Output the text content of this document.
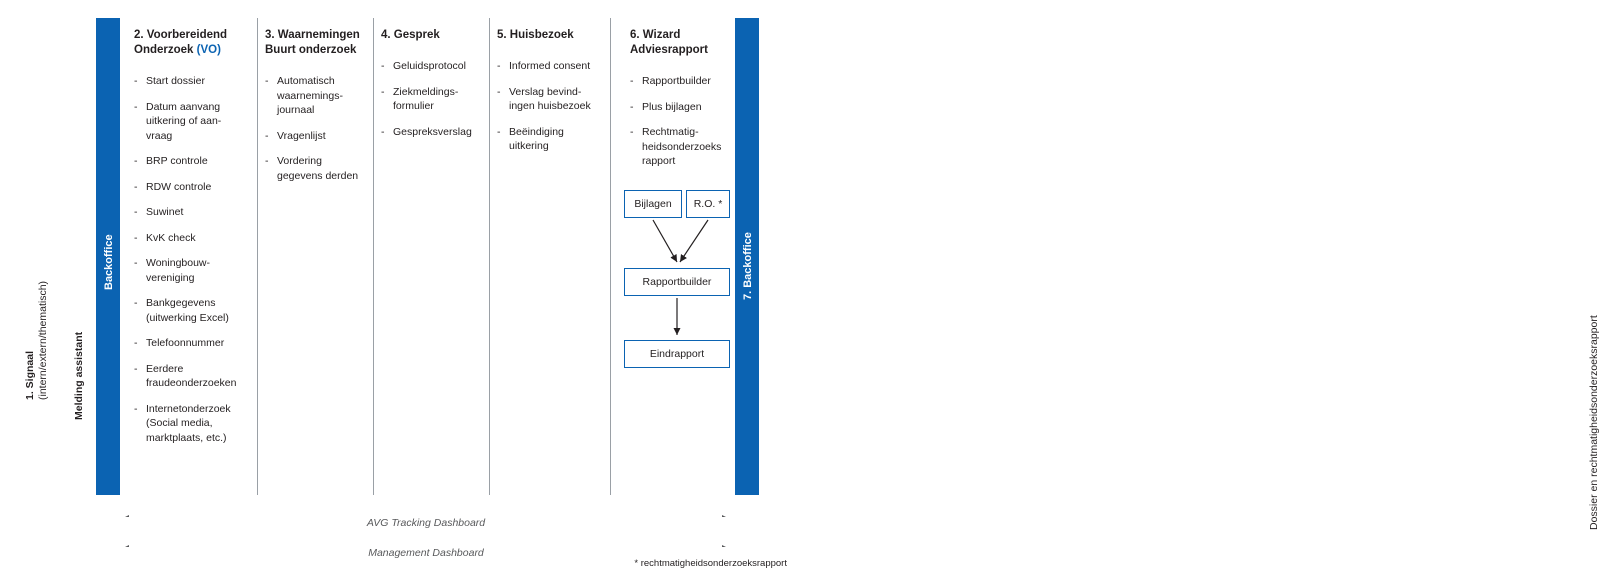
1. Signaal (intern/extern/thematisch) Melding assistant
Backoffice	7. Backoffice
2. Voorbereidend
Onderzoek (VO)
- Start dossier
- Datum aanvang uitkering of aan-vraag
- BRP controle
- RDW controle
- Suwinet
- KvK check
- Woningbouw-vereniging
- Bankgegevens (uitwerking Excel)
- Telefoonnummer
- Eerdere fraudeonderzoeken
- Internetonderzoek (Social media, marktplaats, etc.)
3. Waarnemingen
Buurt onderzoek
- Automatisch waarnemings-journaal
- Vragenlijst
- Vordering gegevens derden
4. Gesprek
- Geluidsprotocol
- Ziekmeldings-formulier
- Gespreksverslag
5. Huisbezoek
- Informed consent
- Verslag bevind-ingen huisbezoek
- Beëindiging uitkering
6. Wizard
Adviesrapport
- Rapportbuilder
- Plus bijlagen
- Rechtmatig-heidsonderzoeks rapport
Bijlagen	R.O. *
Rapportbuilder
Eindrapport	Dossier en rechtmatigheidsonderzoeksrapport
AVG Tracking Dashboard
Management Dashboard
* rechtmatigheidsonderzoeksrapport
